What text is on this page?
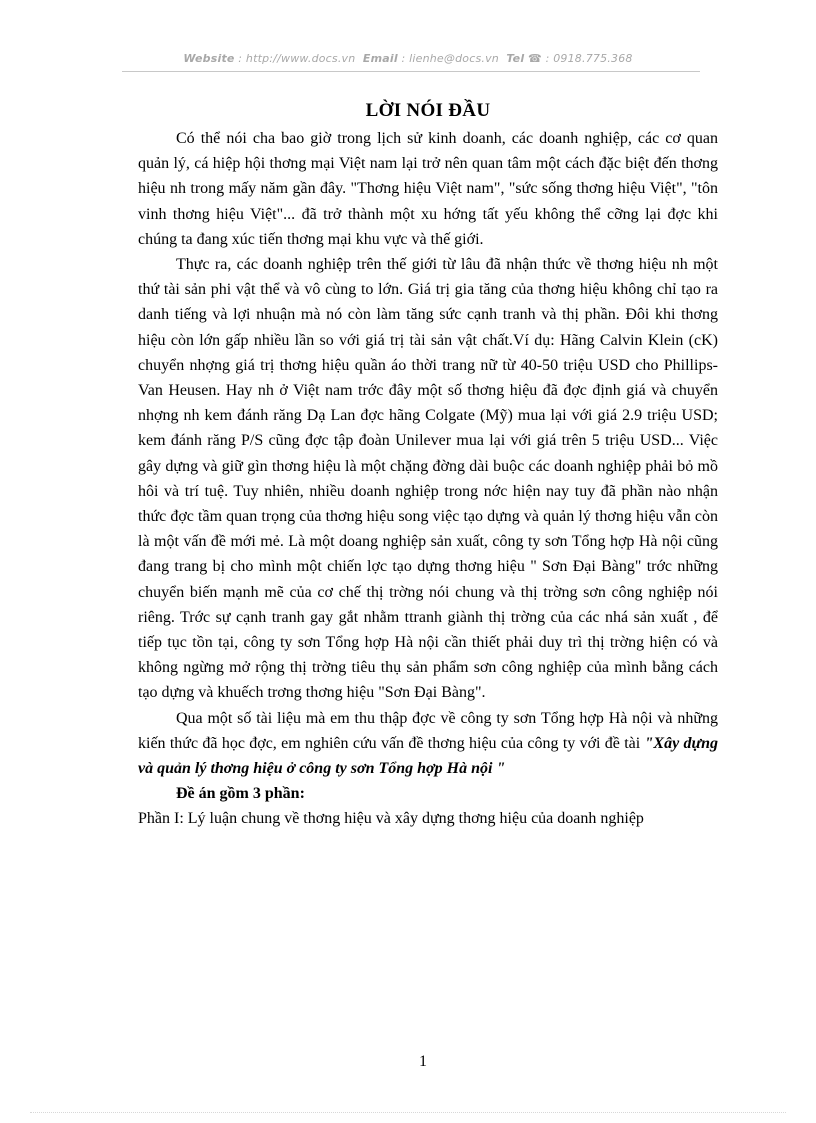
Website : http://www.docs.vn Email : lienhe@docs.vn Tel ☎ : 0918.775.368
LỜI NÓI ĐẦU

Có thể nói cha bao giờ trong lịch sử kinh doanh, các doanh nghiệp, các cơ quan quản lý, cá hiệp hội thơng mại Việt nam lại trở nên quan tâm một cách đặc biệt đến thơng hiệu nh trong mấy năm gần đây. "Thơng hiệu Việt nam", "sức sống thơng hiệu Việt", "tôn vinh thơng hiệu Việt"... đã trở thành một xu hớng tất yếu không thể cỡng lại đợc khi chúng ta đang xúc tiến thơng mại khu vực và thế giới.

Thực ra, các doanh nghiệp trên thế giới từ lâu đã nhận thức về thơng hiệu nh một thứ tài sản phi vật thể và vô cùng to lớn. Giá trị gia tăng của thơng hiệu không chỉ tạo ra danh tiếng và lợi nhuận mà nó còn làm tăng sức cạnh tranh và thị phần. Đôi khi thơng hiệu còn lớn gấp nhiều lần so với giá trị tài sản vật chất.Ví dụ: Hãng Calvin Klein (cK) chuyển nhợng giá trị thơng hiệu quần áo thời trang nữ từ 40-50 triệu USD cho Phillips-Van Heusen. Hay nh ở Việt nam trớc đây một số thơng hiệu đã đợc định giá và chuyển nhợng nh kem đánh răng Dạ Lan đợc hãng Colgate (Mỹ) mua lại với giá 2.9 triệu USD; kem đánh răng P/S cũng đợc tập đoàn Unilever mua lại với giá trên 5 triệu USD... Việc gây dựng và giữ gìn thơng hiệu là một chặng đờng dài buộc các doanh nghiệp phải bỏ mồ hôi và trí tuệ. Tuy nhiên, nhiều doanh nghiệp trong nớc hiện nay tuy đã phần nào nhận thức đợc tầm quan trọng của thơng hiệu song việc tạo dựng và quản lý thơng hiệu vẫn còn là một vấn đề mới mẻ. Là một doang nghiệp sản xuất, công ty sơn Tổng hợp Hà nội cũng đang trang bị cho mình một chiến lợc tạo dựng thơng hiệu " Sơn Đại Bàng" trớc những chuyển biến mạnh mẽ của cơ chế thị trờng nói chung và thị trờng sơn công nghiệp nói riêng. Trớc sự cạnh tranh gay gắt nhằm ttranh giành thị trờng của các nhá sản xuất , để tiếp tục tồn tại, công ty sơn Tổng hợp Hà nội cần thiết phải duy trì thị trờng hiện có và không ngừng mở rộng thị trờng tiêu thụ sản phẩm sơn công nghiệp của mình bằng cách tạo dựng và khuếch trơng thơng hiệu "Sơn Đại Bàng".

Qua một số tài liệu mà em thu thập đợc về công ty sơn Tổng hợp Hà nội và những kiến thức đã học đợc, em nghiên cứu vấn đề thơng hiệu của công ty với đề tài "Xây dựng và quản lý thơng hiệu ở công ty sơn Tổng hợp Hà nội "

Đề án gồm 3 phần:

Phần I: Lý luận chung về thơng hiệu và xây dựng thơng hiệu của doanh nghiệp

1
